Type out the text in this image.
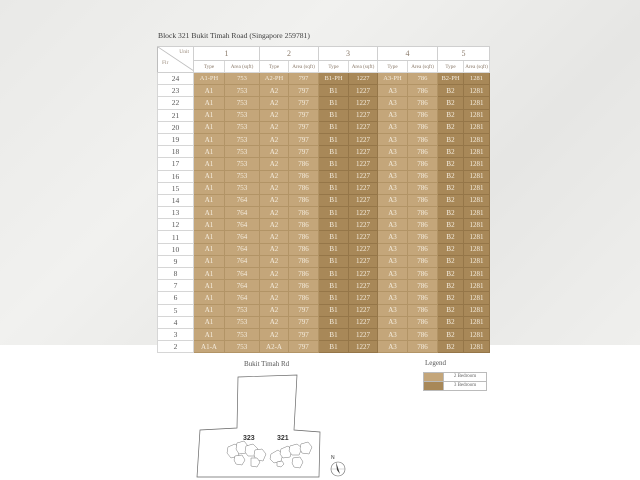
Block 321 Bukit Timah Road (Singapore 259781)
Unit
Flr	1		2		3		4		5	
	Type	Area (sqft)	Type	Area (sqft)	Type	Area (sqft)	Type	Area (sqft)	Type	Area (sqft)
24	A1-PH	753	A2-PH	797	B1-PH	1227	A3-PH	786	B2-PH	1281
23	A1	753	A2	797	B1	1227	A3	786	B2	1281
22	A1	753	A2	797	B1	1227	A3	786	B2	1281
21	A1	753	A2	797	B1	1227	A3	786	B2	1281
20	A1	753	A2	797	B1	1227	A3	786	B2	1281
19	A1	753	A2	797	B1	1227	A3	786	B2	1281
18	A1	753	A2	797	B1	1227	A3	786	B2	1281
17	A1	753	A2	786	B1	1227	A3	786	B2	1281
16	A1	753	A2	786	B1	1227	A3	786	B2	1281
15	A1	753	A2	786	B1	1227	A3	786	B2	1281
14	A1	764	A2	786	B1	1227	A3	786	B2	1281
13	A1	764	A2	786	B1	1227	A3	786	B2	1281
12	A1	764	A2	786	B1	1227	A3	786	B2	1281
11	A1	764	A2	786	B1	1227	A3	786	B2	1281
10	A1	764	A2	786	B1	1227	A3	786	B2	1281
9	A1	764	A2	786	B1	1227	A3	786	B2	1281
8	A1	764	A2	786	B1	1227	A3	786	B2	1281
7	A1	764	A2	786	B1	1227	A3	786	B2	1281
6	A1	764	A2	786	B1	1227	A3	786	B2	1281
5	A1	753	A2	797	B1	1227	A3	786	B2	1281
4	A1	753	A2	797	B1	1227	A3	786	B2	1281
3	A1	753	A2	797	B1	1227	A3	786	B2	1281
2	A1-A	753	A2-A	797	B1	1227	A3	786	B2	1281
Bukit Timah Rd
323	321
N
Legend
2 Bedroom
3 Bedroom
